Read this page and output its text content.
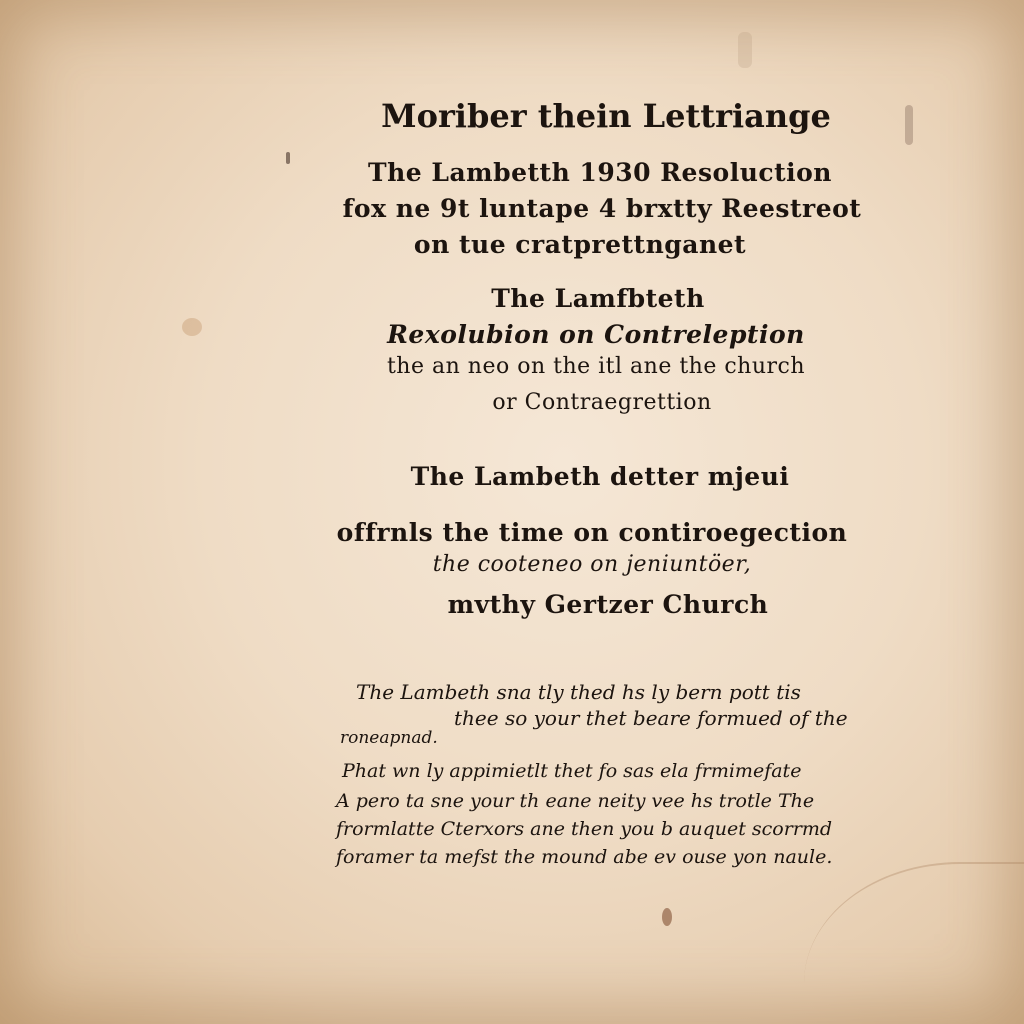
Moriber thein Lettriange
The Lambetth 1930 Resoluction
fox ne 9t luntape 4 brxtty Reestreot
on tue cratprettnganet
The Lamfbteth
Rexolubion on Contreleption
the an neo on the itl ane the church
or Contraegrettion
The Lambeth detter mjeui
offrnls the time on contiroegection
the cooteneo on jeniuntöer,
mvthy Gertzer Church
The Lambeth sna tly thed hs ly bern pott tis
thee so your thet beare formued of the
roneapnad.
Phat wn ly appimietlt thet fo sas ela frmimefate
A pero ta sne your th eane neity vee hs trotle The
frormlatte Cterxors ane then you b auquet scorrmd
foramer ta mefst the mound abe ev ouse yon naule.
